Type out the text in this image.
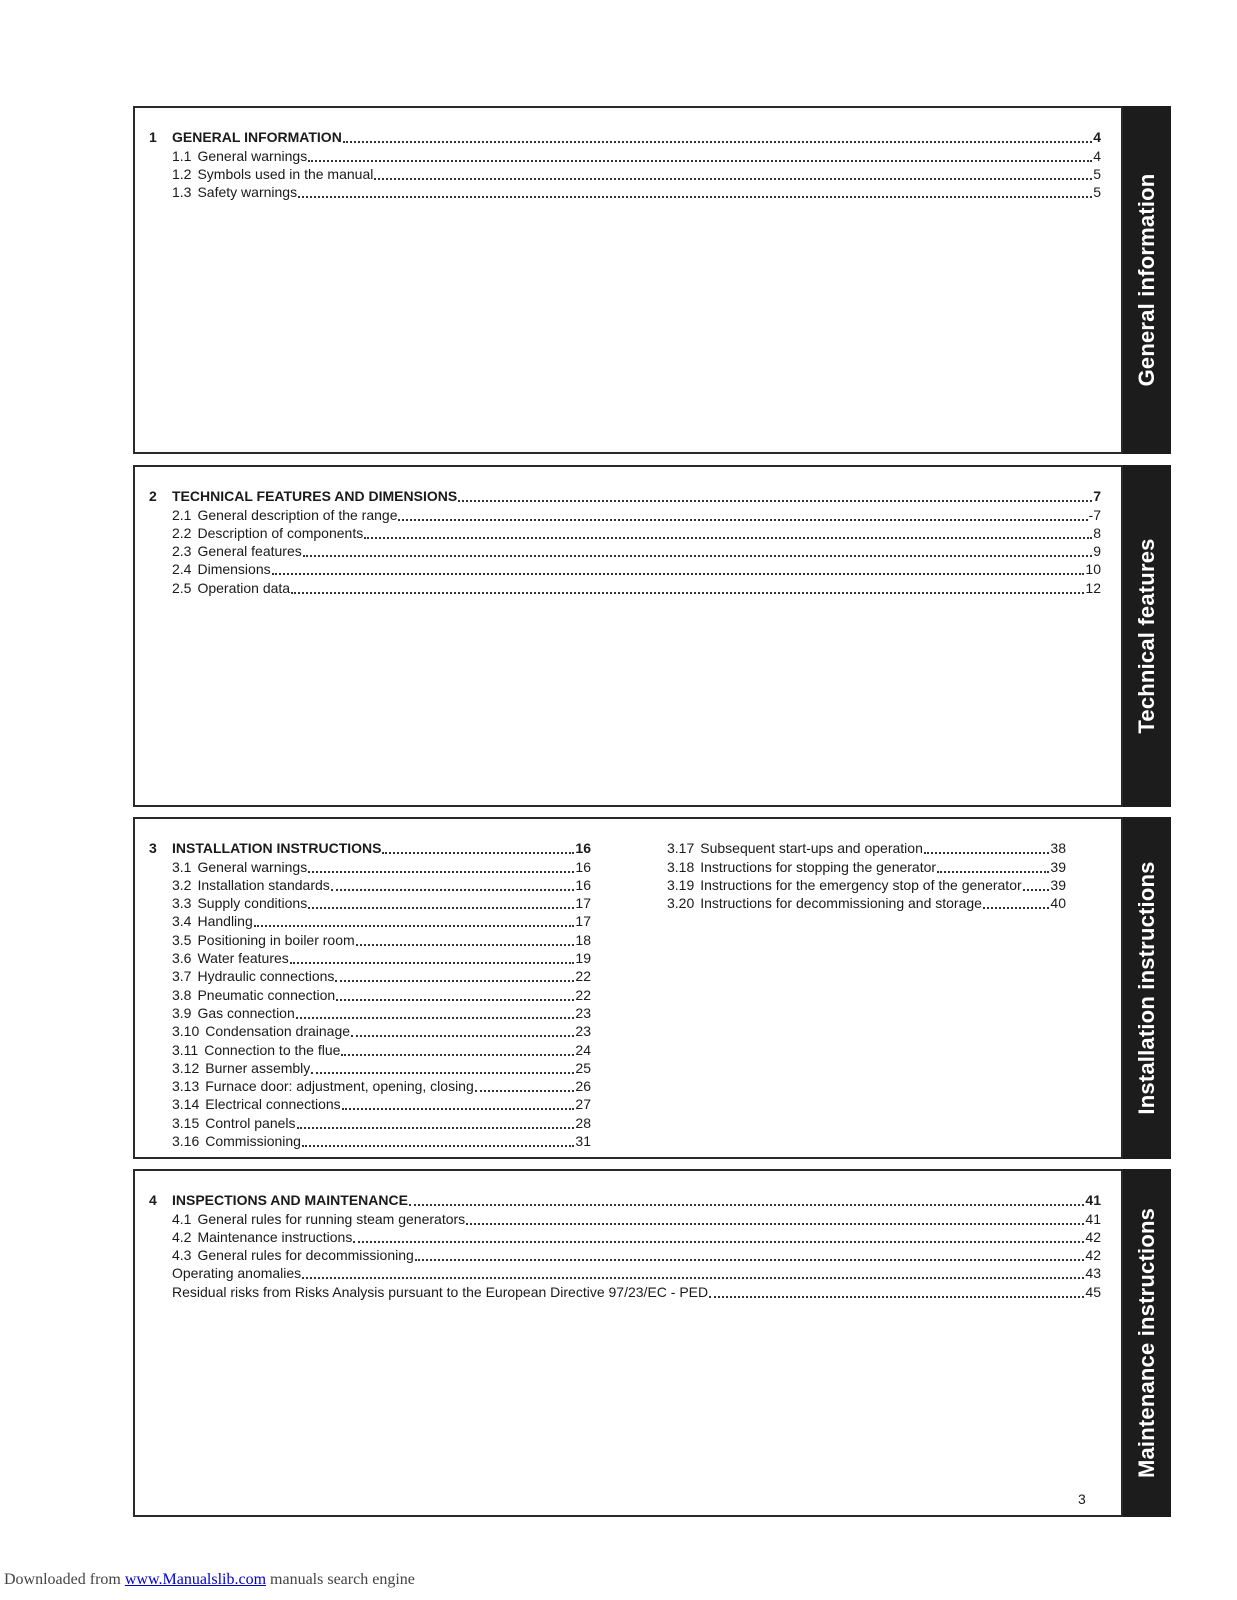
1 GENERAL INFORMATION	4
1.1 General warnings	4
1.2 Symbols used in the manual	5
1.3 Safety warnings	5 General information
2 TECHNICAL FEATURES AND DIMENSIONS	7
2.1 General description of the range	-7
2.2 Description of components	8
2.3 General features	9
2.4 Dimensions	10
2.5 Operation data	12 Technical features
3 INSTALLATION INSTRUCTIONS	16
3.1 General warnings	16
3.2 Installation standards	16
3.3 Supply conditions	17
3.4 Handling	17
3.5 Positioning in boiler room	18
3.6 Water features	19
3.7 Hydraulic connections	22
3.8 Pneumatic connection	22
3.9 Gas connection	23
3.10 Condensation drainage	23
3.11 Connection to the flue	24
3.12 Burner assembly	25
3.13 Furnace door: adjustment, opening, closing	26
3.14 Electrical connections	27
3.15 Control panels	28
3.16 Commissioning	31
3.17 Subsequent start-ups and operation	38
3.18 Instructions for stopping the generator	39
3.19 Instructions for the emergency stop of the generator 39
3.20 Instructions for decommissioning and storage	40	Installation instructions
4 INSPECTIONS AND MAINTENANCE	41
4.1 General rules for running steam generators	41
4.2 Maintenance instructions	42
4.3 General rules for decommissioning	42
Operating anomalies	43
Residual risks from Risks Analysis pursuant to the European Directive 97/23/EC - PED	45 Maintenance instructions
3
Downloaded from www.Manualslib.com manuals search engine
